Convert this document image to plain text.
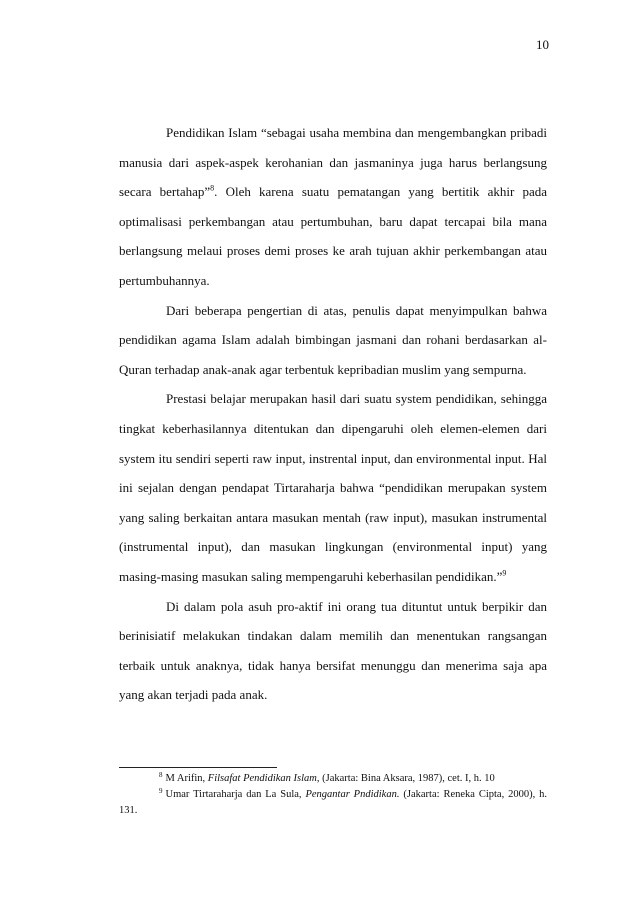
10

Pendidikan Islam “sebagai usaha membina dan mengembangkan pribadi manusia dari aspek-aspek kerohanian dan jasmaninya juga harus berlangsung secara bertahap”$^8$. Oleh karena suatu pematangan yang bertitik akhir pada optimalisasi perkembangan atau pertumbuhan, baru dapat tercapai bila mana berlangsung melaui proses demi proses ke arah tujuan akhir perkembangan atau pertumbuhannya.

Dari beberapa pengertian di atas, penulis dapat menyimpulkan bahwa pendidikan agama Islam adalah bimbingan jasmani dan rohani berdasarkan al-Quran terhadap anak-anak agar terbentuk kepribadian muslim yang sempurna.

Prestasi belajar merupakan hasil dari suatu system pendidikan, sehingga tingkat keberhasilannya ditentukan dan dipengaruhi oleh elemen-elemen dari system itu sendiri seperti raw input, instrental input, dan environmental input. Hal ini sejalan dengan pendapat Tirtaraharja bahwa “pendidikan merupakan system yang saling berkaitan antara masukan mentah (raw input), masukan instrumental (instrumental input), dan masukan lingkungan (environmental input) yang masing-masing masukan saling mempengaruhi keberhasilan pendidikan.”$^9$

Di dalam pola asuh pro-aktif ini orang tua dituntut untuk berpikir dan berinisiatif melakukan tindakan dalam memilih dan menentukan rangsangan terbaik untuk anaknya, tidak hanya bersifat menunggu dan menerima saja apa yang akan terjadi pada anak.

$^8$ M Arifin, Filsafat Pendidikan Islam, (Jakarta: Bina Aksara, 1987), cet. I, h. 10

$^9$ Umar Tirtaraharja dan La Sula, Pengantar Pndidikan. (Jakarta: Reneka Cipta, 2000), h. 131.
